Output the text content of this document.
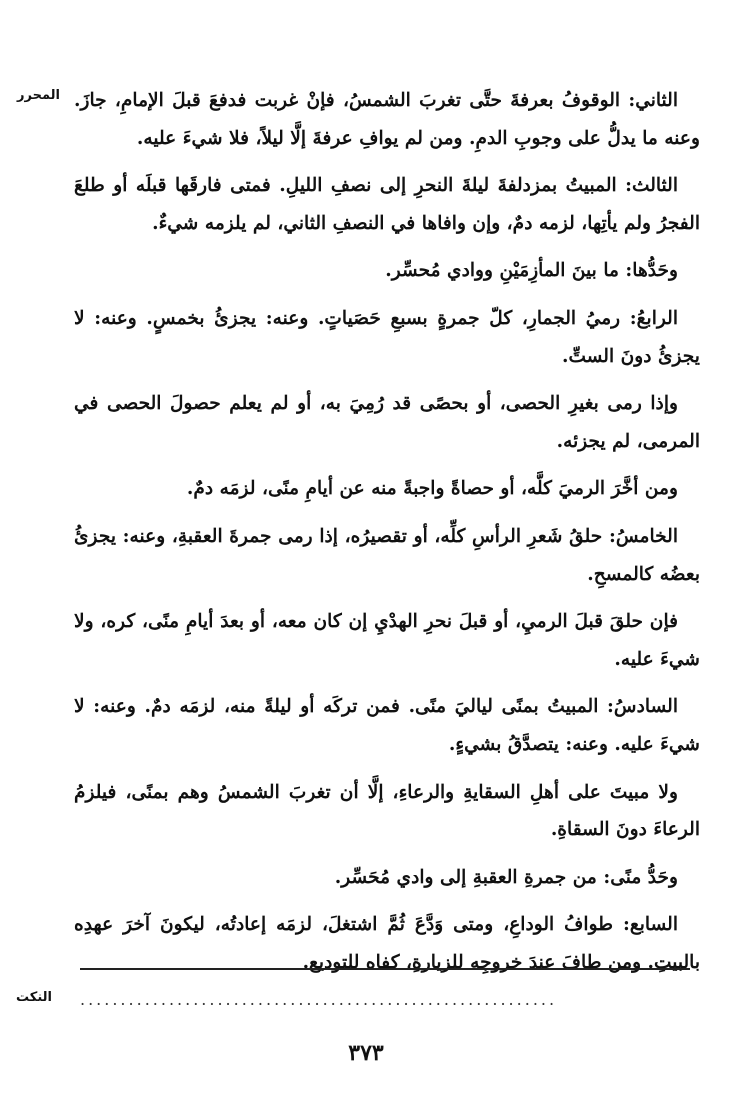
المحرر الثاني: الوقوفُ بعرفةَ حتَّى تغربَ الشمسُ، فإنْ غربت فدفعَ قبلَ الإمامِ، جازَ. وعنه ما يدلُّ على وجوبِ الدمِ. ومن لم يوافِ عرفةَ إلَّا ليلاً، فلا شيءَ عليه.

الثالث: المبيتُ بمزدلفةَ ليلةَ النحرِ إلى نصفِ الليلِ. فمتى فارقَها قبلَه أو طلعَ الفجرُ ولم يأتِها، لزمه دمٌ، وإن وافاها في النصفِ الثاني، لم يلزمه شيءٌ.

وحَدُّها: ما بينَ المأزِمَيْنِ ووادي مُحسِّر.

الرابعُ: رميُ الجمارِ، كلّ جمرةٍ بسبعِ حَصَياتٍ. وعنه: يجزئُ بخمسٍ. وعنه: لا يجزئُ دونَ الستِّ.

وإذا رمى بغيرِ الحصى، أو بحصًى قد رُمِيَ به، أو لم يعلم حصولَ الحصى في المرمى، لم يجزئه.

ومن أخَّرَ الرميَ كلَّه، أو حصاةً واجبةً منه عن أيامِ منًى، لزمَه دمٌ.

الخامسُ: حلقُ شَعرِ الرأسِ كلِّه، أو تقصيرُه، إذا رمى جمرةَ العقبةِ، وعنه: يجزئُ بعضُه كالمسحِ.

فإن حلقَ قبلَ الرميِ، أو قبلَ نحرِ الهدْيِ إن كان معه، أو بعدَ أيامِ منًى، كره، ولا شيءَ عليه.

السادسُ: المبيتُ بمنًى لياليَ منًى. فمن تركَه أو ليلةً منه، لزمَه دمٌ. وعنه: لا شيءَ عليه. وعنه: يتصدَّقُ بشيءٍ.

ولا مبيتَ على أهلِ السقايةِ والرعاءِ، إلَّا أن تغربَ الشمسُ وهم بمنًى، فيلزمُ الرعاءَ دونَ السقاةِ.

وحَدُّ منًى: من جمرةِ العقبةِ إلى وادي مُحَسِّر.

السابع: طوافُ الوداعِ، ومتى وَدَّعَ ثُمَّ اشتغلَ، لزمَه إعادتُه، ليكونَ آخرَ عهدِه بالبيتِ. ومن طافَ عندَ خروجِه للزيارةِ، كفاه للتوديع.

النكت ...........................................................
٣٧٣
